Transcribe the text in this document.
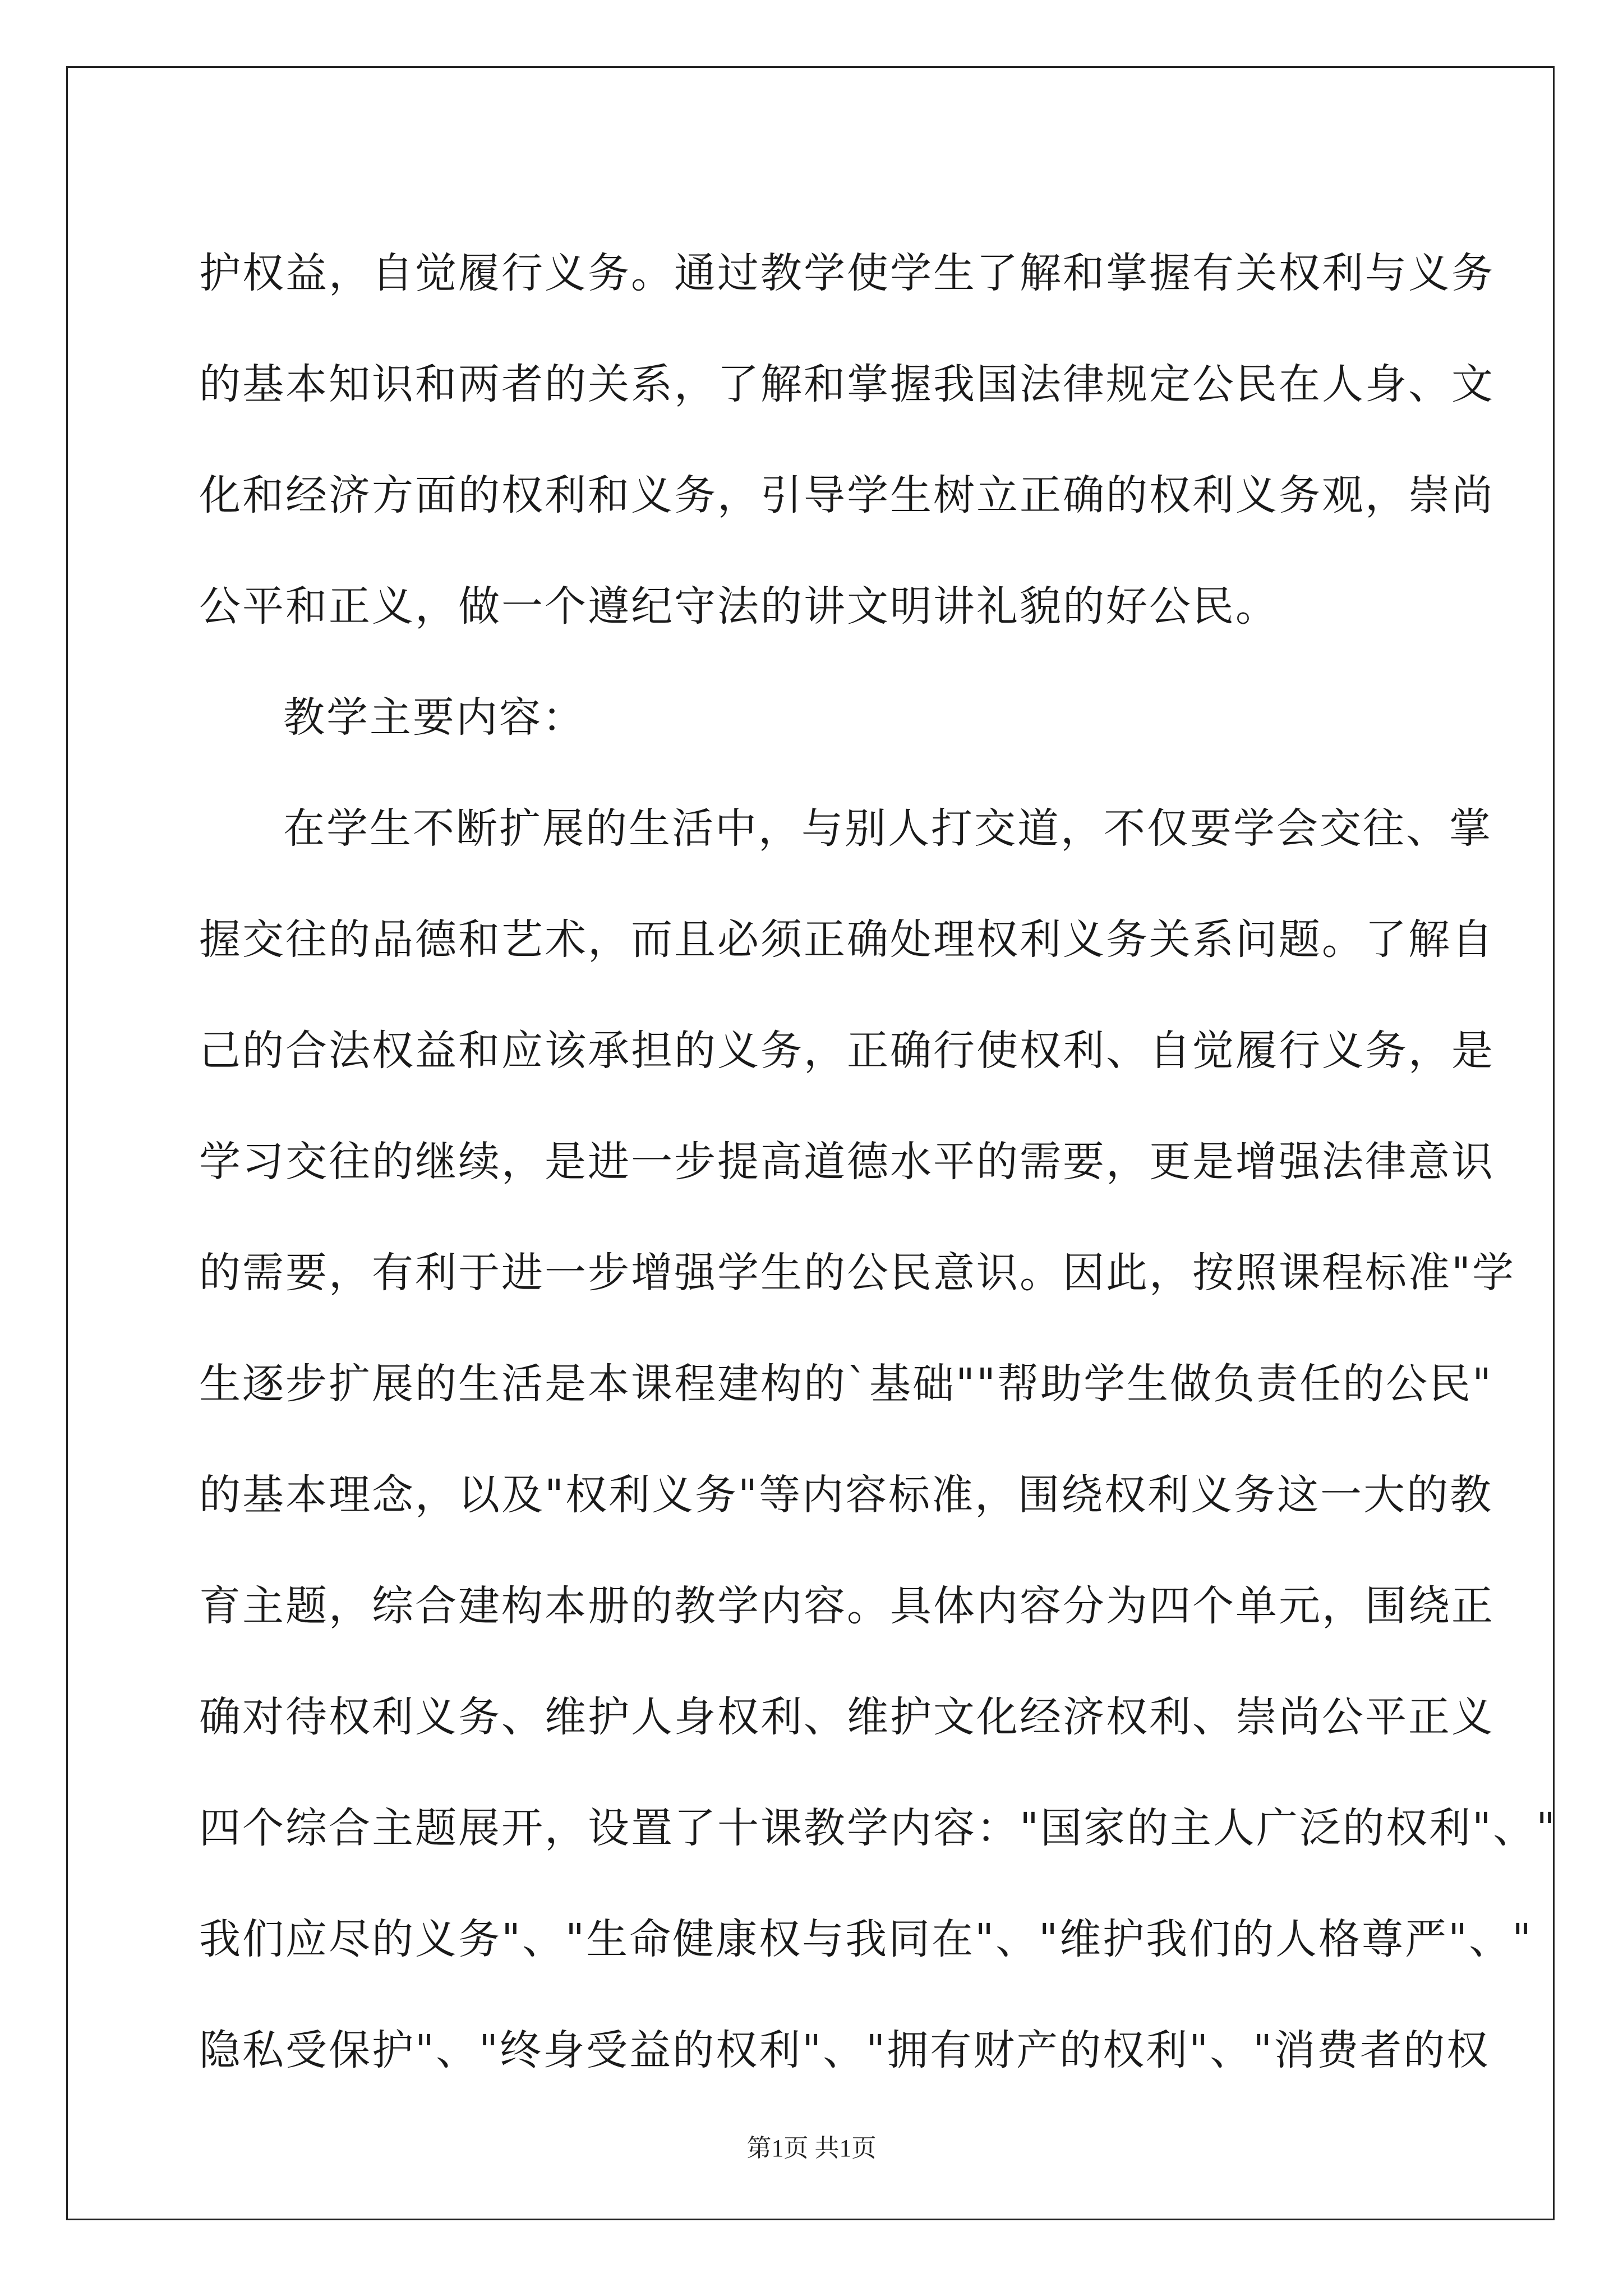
护权益，自觉履行义务。通过教学使学生了解和掌握有关权利与义务
的基本知识和两者的关系，了解和掌握我国法律规定公民在人身、文
化和经济方面的权利和义务，引导学生树立正确的权利义务观，崇尚
公平和正义，做一个遵纪守法的讲文明讲礼貌的好公民。
教学主要内容：
在学生不断扩展的生活中，与别人打交道，不仅要学会交往、掌
握交往的品德和艺术，而且必须正确处理权利义务关系问题。了解自
己的合法权益和应该承担的义务，正确行使权利、自觉履行义务，是
学习交往的继续，是进一步提高道德水平的需要，更是增强法律意识
的需要，有利于进一步增强学生的公民意识。因此，按照课程标准"学
生逐步扩展的生活是本课程建构的`基础""帮助学生做负责任的公民"
的基本理念，以及"权利义务"等内容标准，围绕权利义务这一大的教
育主题，综合建构本册的教学内容。具体内容分为四个单元，围绕正
确对待权利义务、维护人身权利、维护文化经济权利、崇尚公平正义
四个综合主题展开，设置了十课教学内容："国家的主人广泛的权利"、"
我们应尽的义务"、"生命健康权与我同在"、"维护我们的人格尊严"、"
隐私受保护"、"终身受益的权利"、"拥有财产的权利"、"消费者的权
第1页 共1页
